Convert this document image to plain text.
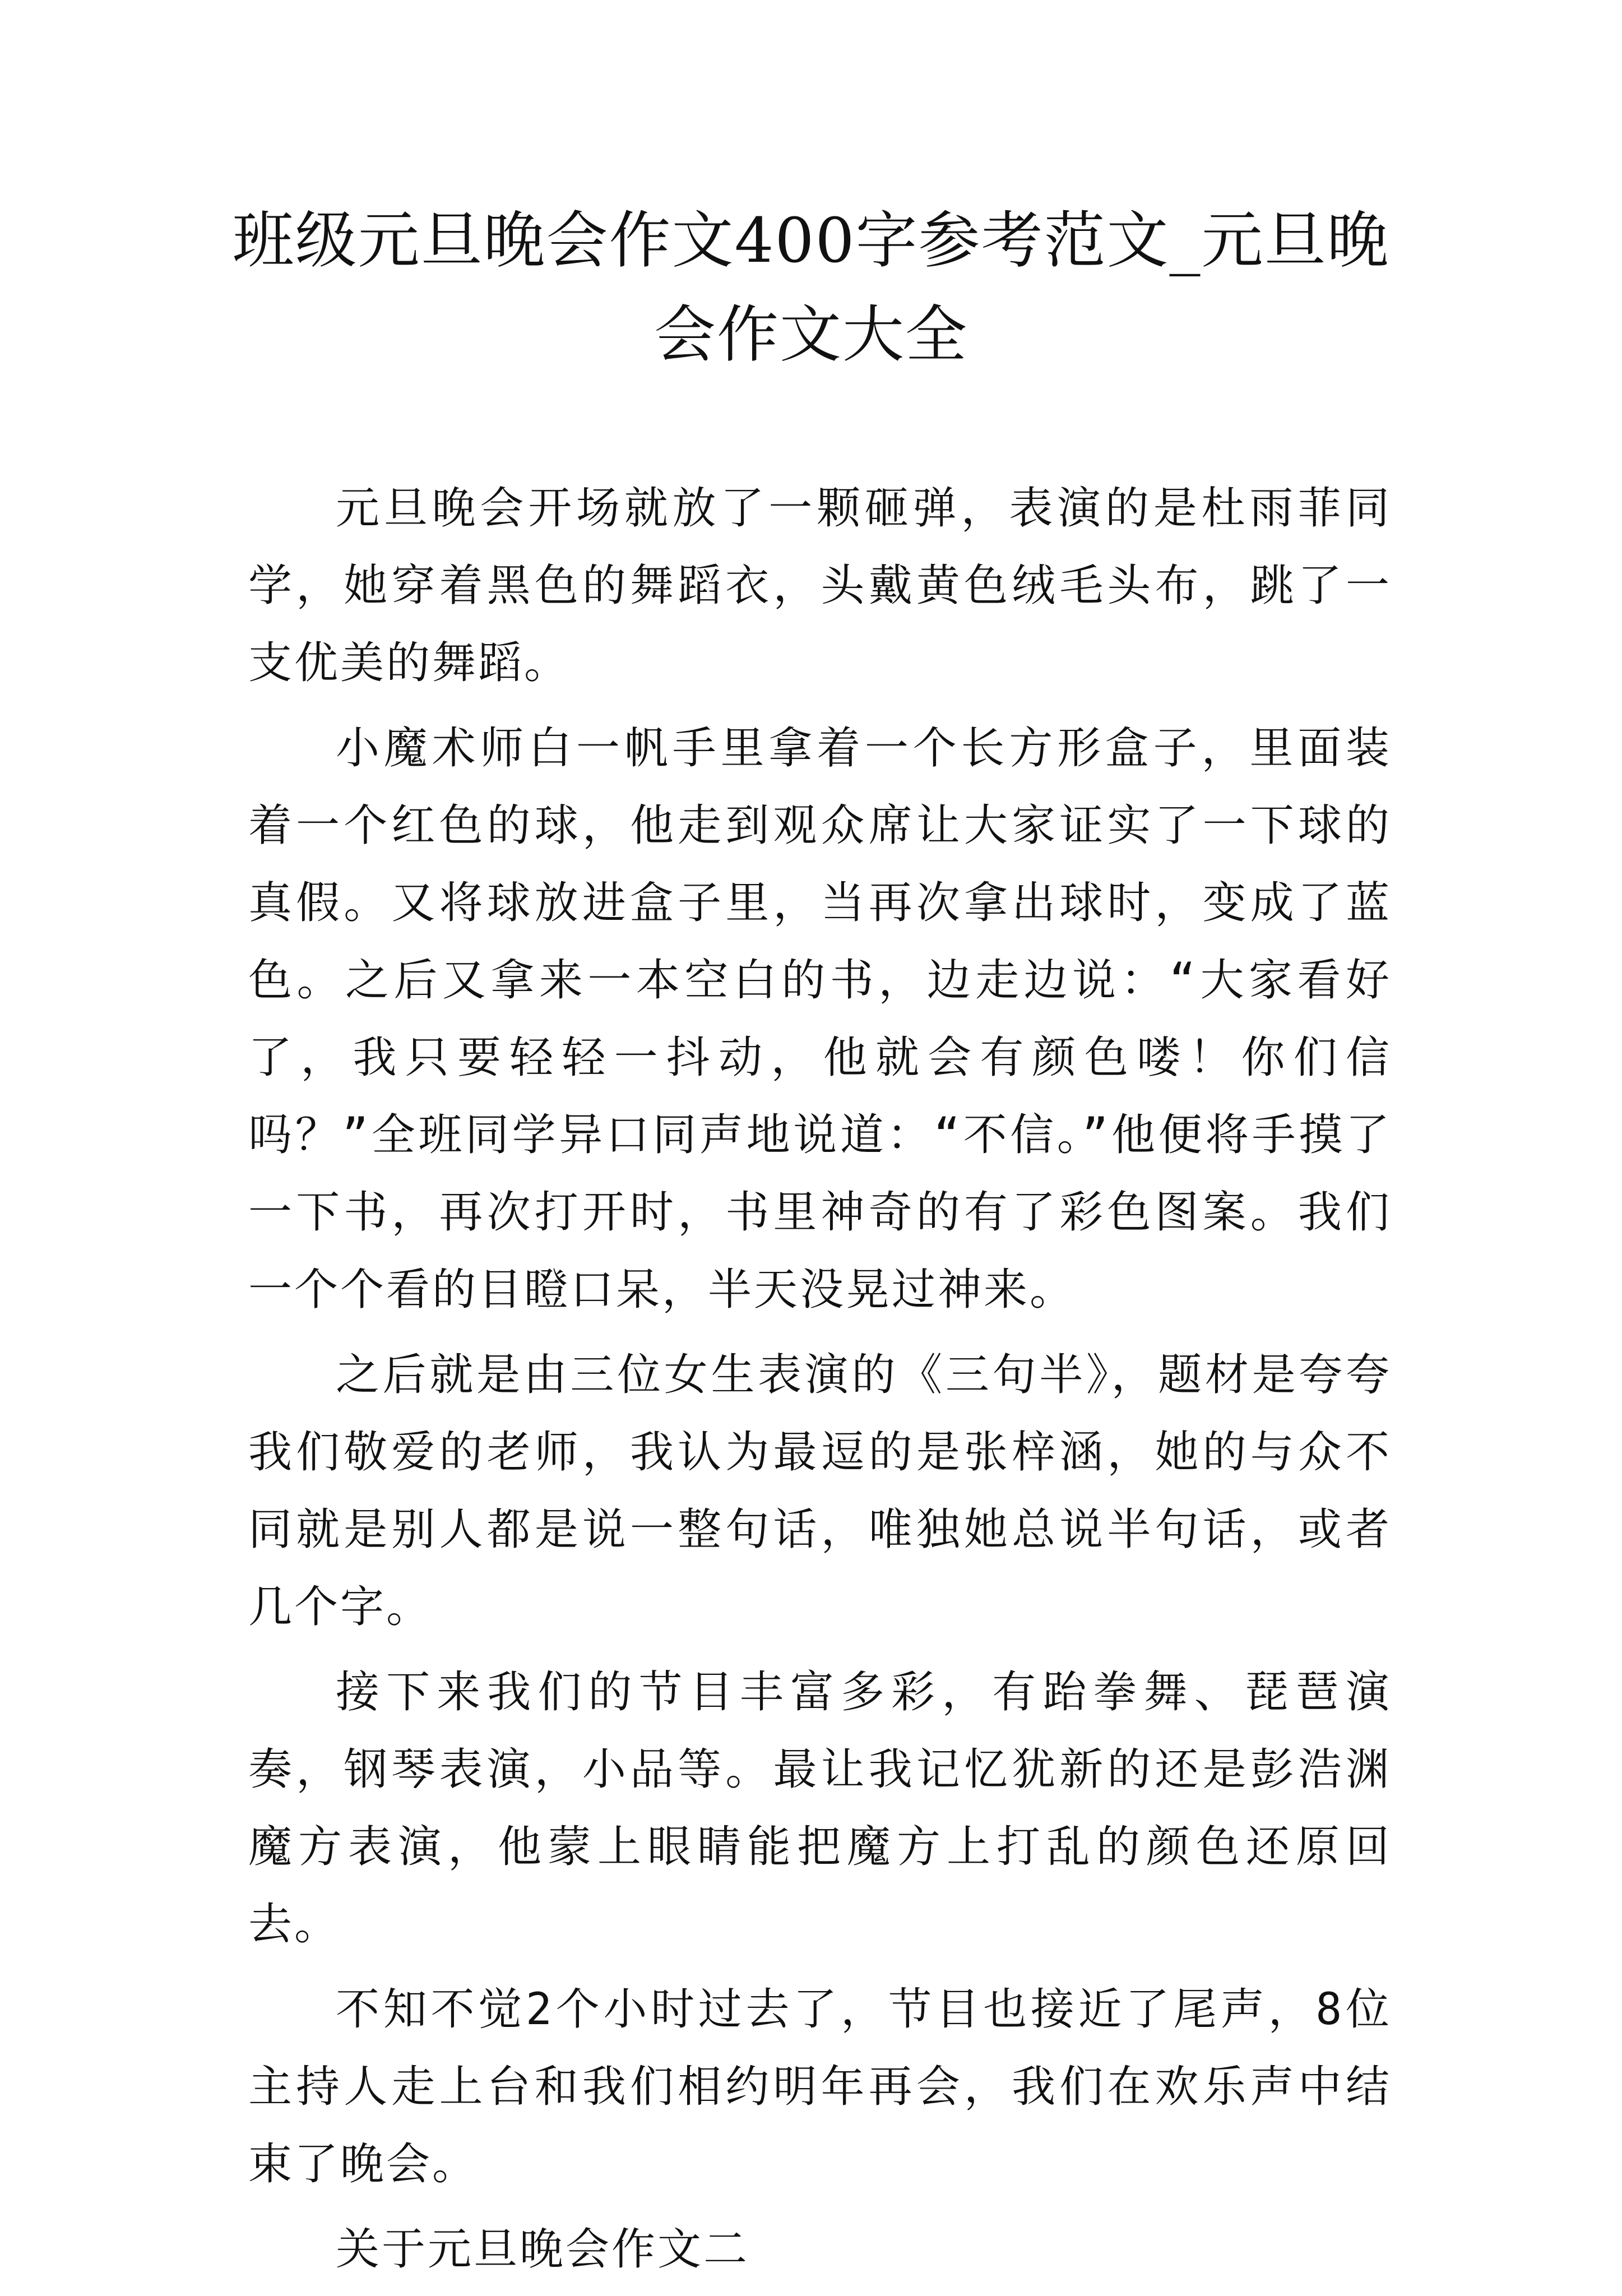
班级元旦晚会作文400字参考范文_元旦晚
会作文大全

元旦晚会开场就放了一颗砸弹，表演的是杜雨菲同学，她穿着黑色的舞蹈衣，头戴黄色绒毛头布，跳了一支优美的舞蹈。

小魔术师白一帆手里拿着一个长方形盒子，里面装着一个红色的球，他走到观众席让大家证实了一下球的真假。又将球放进盒子里，当再次拿出球时，变成了蓝色。之后又拿来一本空白的书，边走边说：“大家看好了，我只要轻轻一抖动，他就会有颜色喽！你们信吗？”全班同学异口同声地说道：“不信。”他便将手摸了一下书，再次打开时，书里神奇的有了彩色图案。我们一个个看的目瞪口呆，半天没晃过神来。

之后就是由三位女生表演的《三句半》，题材是夸夸我们敬爱的老师，我认为最逗的是张梓涵，她的与众不同就是别人都是说一整句话，唯独她总说半句话，或者几个字。

接下来我们的节目丰富多彩，有跆拳舞、琵琶演奏，钢琴表演，小品等。最让我记忆犹新的还是彭浩渊魔方表演，他蒙上眼睛能把魔方上打乱的颜色还原回去。

不知不觉2个小时过去了，节目也接近了尾声，8位主持人走上台和我们相约明年再会，我们在欢乐声中结束了晚会。

关于元旦晚会作文二
